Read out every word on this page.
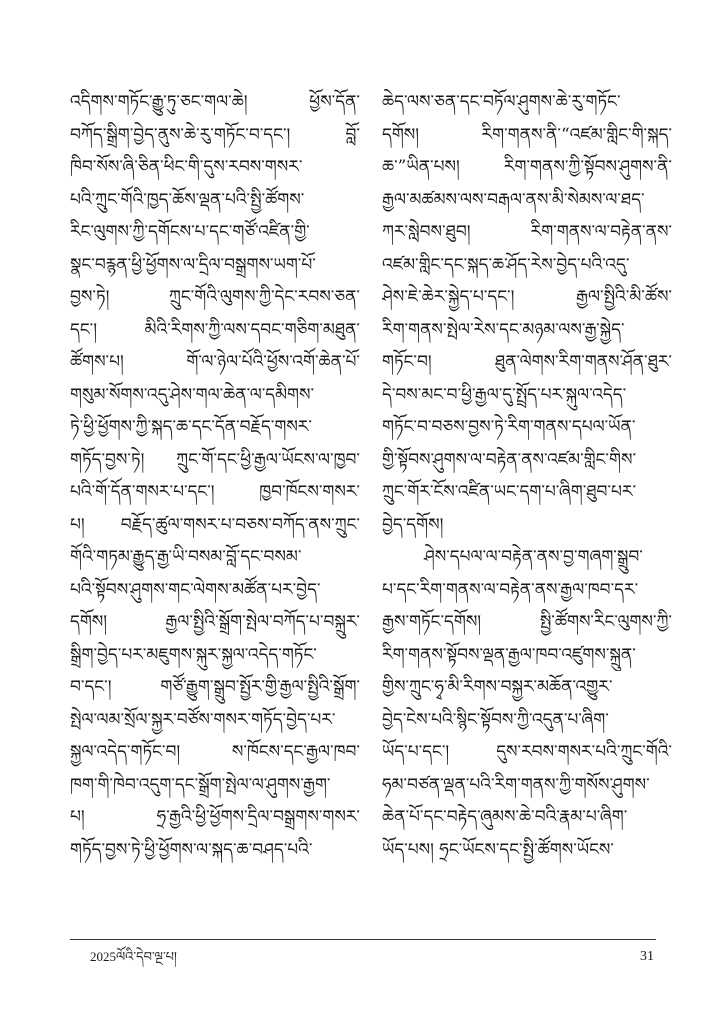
འདིགས་གཏོང་རྒྱུ་ཏུ་ཅང་གལ་ཆེ། ཕྱོས་དོན་
བཀོད་སྒྲིག་བྱེད་ནུས་ཆེ་རུ་གཏོང་བ་དང་། བློ་
ཁིབ་སོས་ཞི་ཅིན་ཕིང་གི་དུས་རབས་གསར་
པའི་ཀྲུང་གོའི་ཁྱད་ཆོས་ལྡན་པའི་སྤྱི་ཚོགས་
རིང་ལུགས་ཀྱི་དགོངས་པ་དང་གཙོ་འཛིན་གྱི་
སྣང་བརྙན་ཕྱི་ཕྱོགས་ལ་དྲིལ་བསྒྲགས་ཡག་པོ་
བྱས་ཏེ། ཀྲུང་གོའི་ལུགས་ཀྱི་དེང་རབས་ཅན་
དང་། མིའི་རིགས་ཀྱི་ལས་དབང་གཅིག་མཐུན་
ཚོགས་པ། གོ་ལ་ཉེལ་པོའི་ཕྱོས་འགོ་ཆེན་པོ་
གསུམ་སོགས་འདུ་ཤེས་གལ་ཆེན་ལ་དམིགས་
ཏེ་ཕྱི་ཕྱོགས་ཀྱི་སྐད་ཆ་དང་དོན་བརྗོད་གསར་
གཏོད་བྱས་ཏེ། ཀྲུང་གོ་དང་ཕྱི་རྒྱལ་ཡོངས་ལ་ཁྱབ་
པའི་གོ་དོན་གསར་པ་དང་། ཁྱབ་ཁོངས་གསར་
པ། བརྗོད་ཚུལ་གསར་པ་བཅས་བཀོད་ནས་ཀྲུང་
གོའི་གཏམ་རྒྱུད་རྒྱ་ཡི་བསམ་བློ་དང་བསམ་
པའི་སྟོབས་ཤུགས་གང་ལེགས་མཚོན་པར་བྱེད་
དགོས། རྒྱལ་སྤྱིའི་སྒྲོག་སྤེལ་བཀོད་པ་བསྐྲུར་
སྒྲིག་བྱེད་པར་མཇུགས་སྐུར་སྐྱལ་འདེད་གཏོང་
བ་དང་། གཙོ་རྒྱུག་སྒྲུབ་སྤྱོར་གྱི་རྒྱལ་སྤྱིའི་སྒྲོག་
སྤེལ་ལམ་སྲོལ་སྐྱར་བཙོས་གསར་གཏོད་བྱེད་པར་
སྐྱལ་འདེད་གཏོང་བ། ས་ཁོངས་དང་རྒྱལ་ཁབ་
ཁག་གི་ཁེབ་འདུག་དང་སྒྲོག་སྤེལ་ལ་ཤུགས་རྒྱག་
པ། ཧྲ་རྒྱའི་ཕྱི་ཕྱོགས་དྲིལ་བསྒྲགས་གསར་
གཏོད་བྱས་ཏེ་ཕྱི་ཕྱོགས་ལ་སྐད་ཆ་བཤད་པའི་
ཆེད་ལས་ཅན་དང་བཏོལ་ཤུགས་ཆེ་རུ་གཏོང་
དགོས། རིག་གནས་ནི་“འཛམ་གླིང་གི་སྐད་
ཆ་”ཡིན་པས། རིག་གནས་ཀྱི་སྟོབས་ཤུགས་ནི་
རྒྱལ་མཚམས་ལས་བརྒལ་ནས་མི་སེམས་ལ་ཐད་
ཀར་སླེབས་ཐུབ། རིག་གནས་ལ་བརྟེན་ནས་
འཛམ་གླིང་དང་སྐད་ཆ་ཤོད་རེས་བྱེད་པའི་འདུ་
ཤེས་ཇེ་ཆེར་སྐྱེད་པ་དང་། རྒྱལ་སྤྱིའི་མི་ཚོས་
རིག་གནས་སྤེལ་རེས་དང་མཉམ་ལས་རྒྱ་སྐྱེད་
གཏོང་བ། ཐུན་ལེགས་རིག་གནས་ཤོན་ཐུར་
དེ་བས་མང་བ་ཕྱི་རྒྱལ་དུ་སྤྲོད་པར་སྐུལ་འདེད་
གཏོང་བ་བཅས་བྱས་ཏེ་རིག་གནས་དཔལ་ཡོན་
གྱི་སྟོབས་ཤུགས་ལ་བརྟེན་ནས་འཛམ་གླིང་གིས་
ཀྲུང་གོར་ངོས་འཛིན་ཡང་དག་པ་ཞིག་ཐུབ་པར་
བྱེད་དགོས།
ཤེས་དཔལ་ལ་བརྟེན་ནས་བྱ་གཞག་སྒྲུབ་
པ་དང་རིག་གནས་ལ་བརྟེན་ནས་རྒྱལ་ཁབ་དར་
རྒྱས་གཏོང་དགོས། སྤྱི་ཚོགས་རིང་ལུགས་ཀྱི་
རིག་གནས་སྟོབས་ལྡན་རྒྱལ་ཁབ་འཛུགས་སྐྲུན་
གྱིས་ཀྲུང་ཧྭ་མི་རིགས་བསྐྱར་མཆོན་འགྱུར་
བྱེད་ངེས་པའི་སྙིང་སྟོབས་ཀྱི་འདུན་པ་ཞིག་
ཡོད་པ་དང་། དུས་རབས་གསར་པའི་ཀྲུང་གོའི་
ཧམ་བཙན་ལྡན་པའི་རིག་གནས་ཀྱི་གསོས་ཤུགས་
ཆེན་པོ་དང་བརྟེད་ཞུམས་ཆེ་བའི་རྣམ་པ་ཞིག་
ཡོད་པས། ཧྲང་ཡོངས་དང་སྤྱི་ཚོགས་ཡོངས་
2025ལོའི་དེབ་ལྔ་པ།	31
